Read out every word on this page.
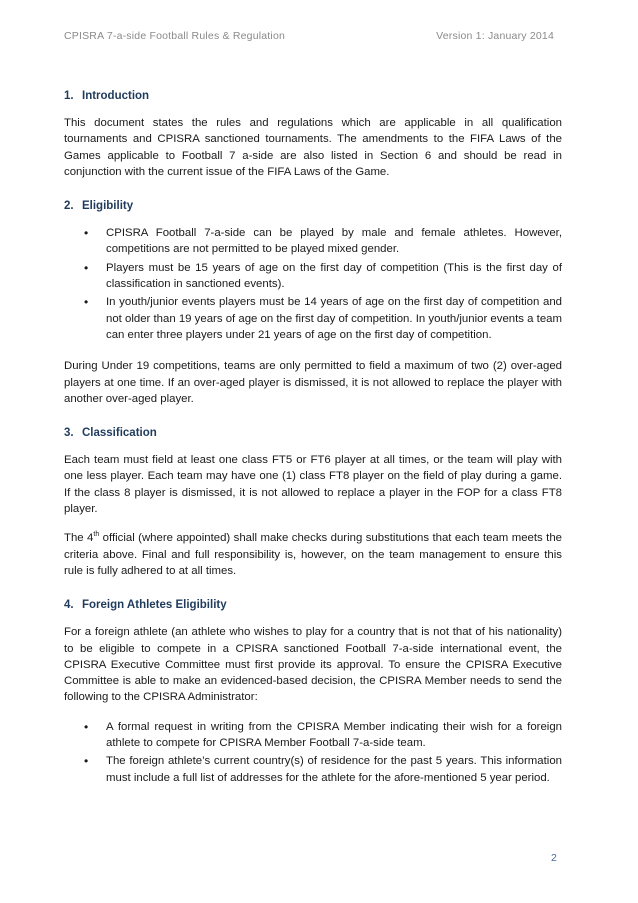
CPISRA 7-a-side Football Rules & Regulation	Version 1: January 2014
1. Introduction

This document states the rules and regulations which are applicable in all qualification tournaments and CPISRA sanctioned tournaments. The amendments to the FIFA Laws of the Games applicable to Football 7 a-side are also listed in Section 6 and should be read in conjunction with the current issue of the FIFA Laws of the Game.

2. Eligibility
• CPISRA Football 7-a-side can be played by male and female athletes. However, competitions are not permitted to be played mixed gender.
• Players must be 15 years of age on the first day of competition (This is the first day of classification in sanctioned events).
• In youth/junior events players must be 14 years of age on the first day of competition and not older than 19 years of age on the first day of competition. In youth/junior events a team can enter three players under 21 years of age on the first day of competition.

During Under 19 competitions, teams are only permitted to field a maximum of two (2) over-aged players at one time. If an over-aged player is dismissed, it is not allowed to replace the player with another over-aged player.

3. Classification

Each team must field at least one class FT5 or FT6 player at all times, or the team will play with one less player. Each team may have one (1) class FT8 player on the field of play during a game. If the class 8 player is dismissed, it is not allowed to replace a player in the FOP for a class FT8 player.

The 4th official (where appointed) shall make checks during substitutions that each team meets the criteria above. Final and full responsibility is, however, on the team management to ensure this rule is fully adhered to at all times.

4. Foreign Athletes Eligibility

For a foreign athlete (an athlete who wishes to play for a country that is not that of his nationality) to be eligible to compete in a CPISRA sanctioned Football 7-a-side international event, the CPISRA Executive Committee must first provide its approval. To ensure the CPISRA Executive Committee is able to make an evidenced-based decision, the CPISRA Member needs to send the following to the CPISRA Administrator:

• A formal request in writing from the CPISRA Member indicating their wish for a foreign athlete to compete for CPISRA Member Football 7-a-side team.
• The foreign athlete’s current country(s) of residence for the past 5 years. This information must include a full list of addresses for the athlete for the afore-mentioned 5 year period.
2
